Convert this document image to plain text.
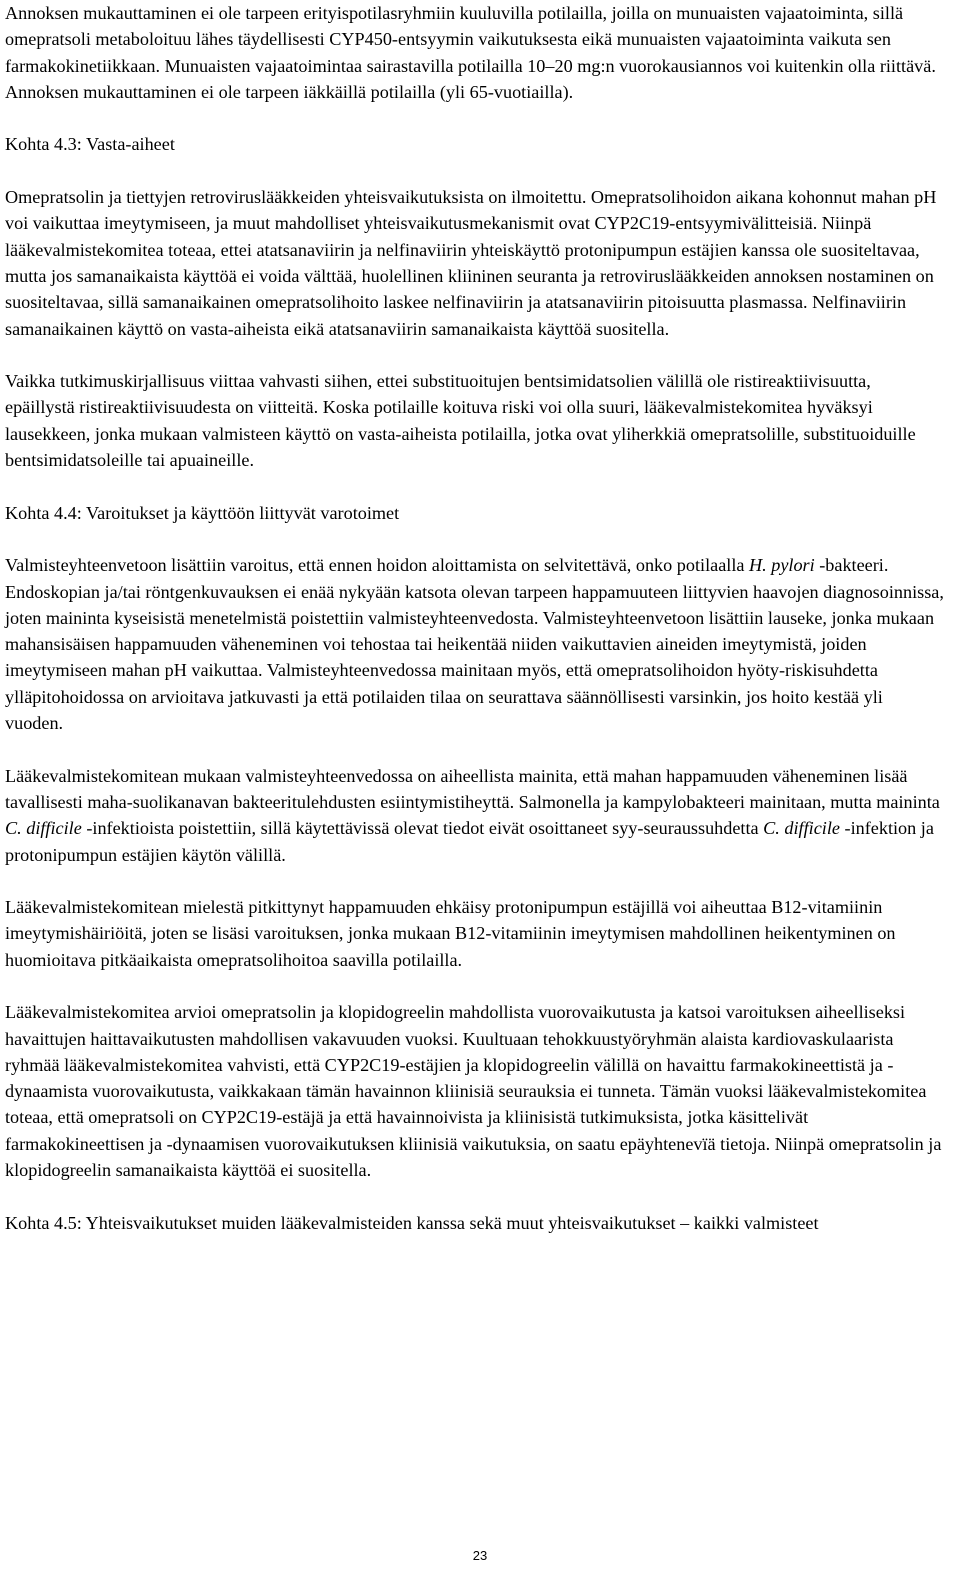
Annoksen mukauttaminen ei ole tarpeen erityispotilasryhmiin kuuluvilla potilailla, joilla on munuaisten vajaatoiminta, sillä omepratsoli metaboloituu lähes täydellisesti CYP450-entsyymin vaikutuksesta eikä munuaisten vajaatoiminta vaikuta sen farmakokinetiikkaan. Munuaisten vajaatoimintaa sairastavilla potilailla 10–20 mg:n vuorokausiannos voi kuitenkin olla riittävä. Annoksen mukauttaminen ei ole tarpeen iäkkäillä potilailla (yli 65-vuotiailla).

Kohta 4.3: Vasta-aiheet

Omepratsolin ja tiettyjen retroviruslääkkeiden yhteisvaikutuksista on ilmoitettu. Omepratsolihoidon aikana kohonnut mahan pH voi vaikuttaa imeytymiseen, ja muut mahdolliset yhteisvaikutusmekanismit ovat CYP2C19-entsyymivälitteisiä. Niinpä lääkevalmistekomitea toteaa, ettei atatsanaviirin ja nelfinaviirin yhteiskäyttö protonipumpun estäjien kanssa ole suositeltavaa, mutta jos samanaikaista käyttöä ei voida välttää, huolellinen kliininen seuranta ja retroviruslääkkeiden annoksen nostaminen on suositeltavaa, sillä samanaikainen omepratsolihoito laskee nelfinaviirin ja atatsanaviirin pitoisuutta plasmassa. Nelfinaviirin samanaikainen käyttö on vasta-aiheista eikä atatsanaviirin samanaikaista käyttöä suositella.

Vaikka tutkimuskirjallisuus viittaa vahvasti siihen, ettei substituoitujen bentsimidatsolien välillä ole ristireaktiivisuutta, epäillystä ristireaktiivisuudesta on viitteitä. Koska potilaille koituva riski voi olla suuri, lääkevalmistekomitea hyväksyi lausekkeen, jonka mukaan valmisteen käyttö on vasta-aiheista potilailla, jotka ovat yliherkkiä omepratsolille, substituoiduille bentsimidatsoleille tai apuaineille.

Kohta 4.4: Varoitukset ja käyttöön liittyvät varotoimet

Valmisteyhteenvetoon lisättiin varoitus, että ennen hoidon aloittamista on selvitettävä, onko potilaalla H. pylori -bakteeri. Endoskopian ja/tai röntgenkuvauksen ei enää nykyään katsota olevan tarpeen happamuuteen liittyvien haavojen diagnosoinnissa, joten maininta kyseisistä menetelmistä poistettiin valmisteyhteenvedosta. Valmisteyhteenvetoon lisättiin lauseke, jonka mukaan mahansisäisen happamuuden väheneminen voi tehostaa tai heikentää niiden vaikuttavien aineiden imeytymistä, joiden imeytymiseen mahan pH vaikuttaa. Valmisteyhteenvedossa mainitaan myös, että omepratsolihoidon hyöty-riskisuhdetta ylläpitohoidossa on arvioitava jatkuvasti ja että potilaiden tilaa on seurattava säännöllisesti varsinkin, jos hoito kestää yli vuoden.

Lääkevalmistekomitean mukaan valmisteyhteenvedossa on aiheellista mainita, että mahan happamuuden väheneminen lisää tavallisesti maha-suolikanavan bakteeritulehdusten esiintymistiheyttä. Salmonella ja kampylobakteeri mainitaan, mutta maininta C. difficile -infektioista poistettiin, sillä käytettävissä olevat tiedot eivät osoittaneet syy-seuraussuhdetta C. difficile -infektion ja protonipumpun estäjien käytön välillä.

Lääkevalmistekomitean mielestä pitkittynyt happamuuden ehkäisy protonipumpun estäjillä voi aiheuttaa B12-vitamiinin imeytymishäiriöitä, joten se lisäsi varoituksen, jonka mukaan B12-vitamiinin imeytymisen mahdollinen heikentyminen on huomioitava pitkäaikaista omepratsolihoitoa saavilla potilailla.

Lääkevalmistekomitea arvioi omepratsolin ja klopidogreelin mahdollista vuorovaikutusta ja katsoi varoituksen aiheelliseksi havaittujen haittavaikutusten mahdollisen vakavuuden vuoksi. Kuultuaan tehokkuustyöryhmän alaista kardiovaskulaarista ryhmää lääkevalmistekomitea vahvisti, että CYP2C19-estäjien ja klopidogreelin välillä on havaittu farmakokineettistä ja -dynaamista vuorovaikutusta, vaikkakaan tämän havainnon kliinisiä seurauksia ei tunneta. Tämän vuoksi lääkevalmistekomitea toteaa, että omepratsoli on CYP2C19-estäjä ja että havainnoivista ja kliinisistä tutkimuksista, jotka käsittelivät farmakokineettisen ja -dynaamisen vuorovaikutuksen kliinisiä vaikutuksia, on saatu epäyhtenevïä tietoja. Niinpä omepratsolin ja klopidogreelin samanaikaista käyttöä ei suositella.

Kohta 4.5: Yhteisvaikutukset muiden lääkevalmisteiden kanssa sekä muut yhteisvaikutukset – kaikki valmisteet

23
